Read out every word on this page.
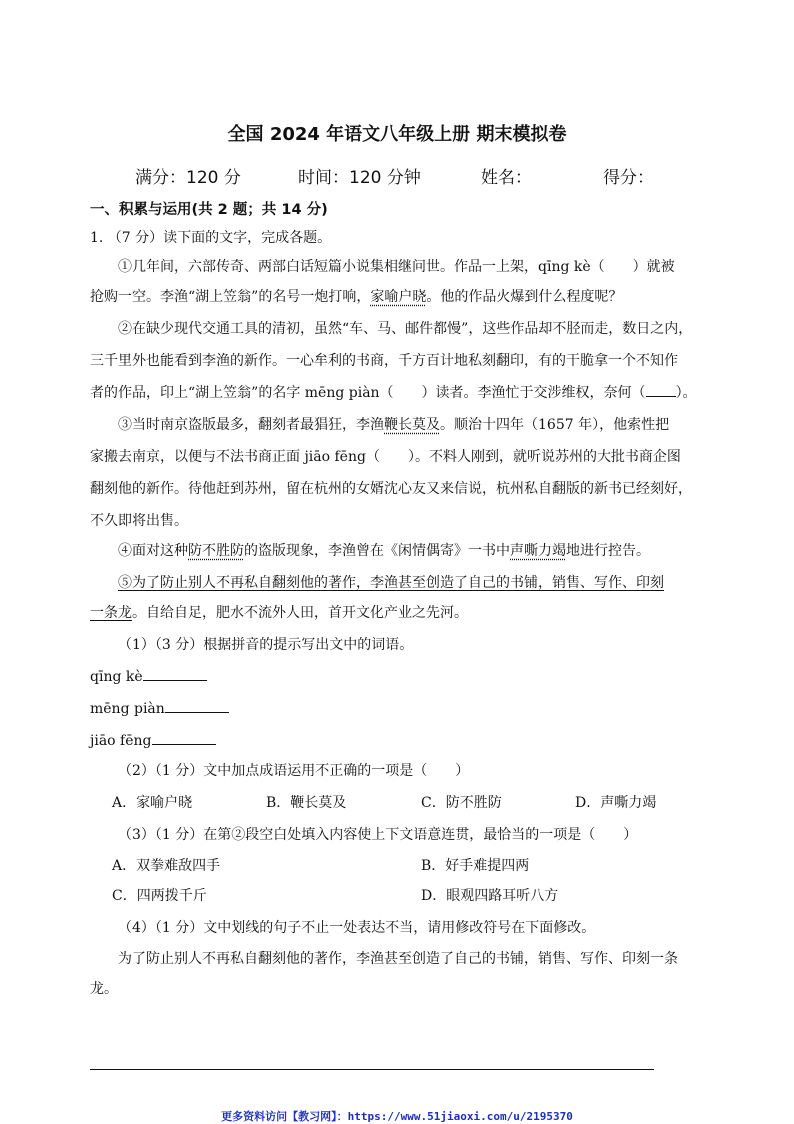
全国 2024 年语文八年级上册 期末模拟卷
满分：120 分	时间：120 分钟	姓名：	得分：
一、积累与运用(共 2 题；共 14 分)
1. （7 分）读下面的文字，完成各题。
①几年间，六部传奇、两部白话短篇小说集相继问世。作品一上架，qīng kè（　　）就被
抢购一空。李渔“湖上笠翁”的名号一炮打响，家喻户晓。他的作品火爆到什么程度呢？
②在缺少现代交通工具的清初，虽然“车、马、邮件都慢”，这些作品却不胫而走，数日之内，
三千里外也能看到李渔的新作。一心牟利的书商，千方百计地私刻翻印，有的干脆拿一个不知作
者的作品，印上“湖上笠翁”的名字 mēng piàn（　　）读者。李渔忙于交涉维权，奈何（ ）。
③当时南京盗版最多，翻刻者最猖狂，李渔鞭长莫及。顺治十四年（1657 年），他索性把
家搬去南京，以便与不法书商正面 jiāo fēng（　　）。不料人刚到，就听说苏州的大批书商企图
翻刻他的新作。待他赶到苏州，留在杭州的女婿沈心友又来信说，杭州私自翻版的新书已经刻好，
不久即将出售。
④面对这种防不胜防的盗版现象，李渔曾在《闲情偶寄》一书中声嘶力竭地进行控告。
⑤为了防止别人不再私自翻刻他的著作，李渔甚至创造了自己的书铺，销售、写作、印刻
一条龙。自给自足，肥水不流外人田，首开文化产业之先河。
（1）（3 分）根据拼音的提示写出文中的词语。
qīng kè
mēng piàn
jiāo fēng
（2）（1 分）文中加点成语运用不正确的一项是（　　）
A．家喻户晓	B．鞭长莫及	C．防不胜防	D．声嘶力竭
（3）（1 分）在第②段空白处填入内容使上下文语意连贯，最恰当的一项是（　　）
A．双拳难敌四手	B．好手难提四两
C．四两拨千斤	D．眼观四路耳听八方
（4）（1 分）文中划线的句子不止一处表达不当，请用修改符号在下面修改。
为了防止别人不再私自翻刻他的著作，李渔甚至创造了自己的书铺，销售、写作、印刻一条
龙。
更多资料访问【教习网】：https://www.51jiaoxi.com/u/2195370
